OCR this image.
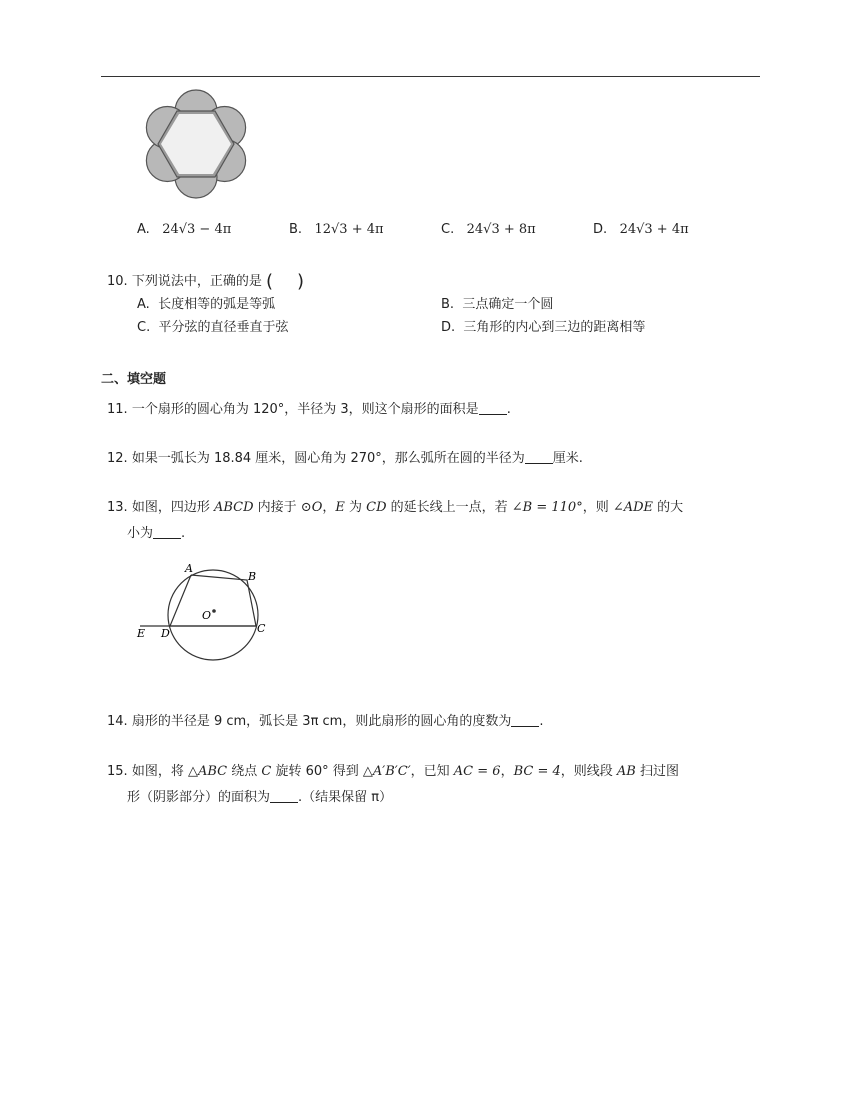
A. 24√3 − 4π	B. 12√3 + 4π	C. 24√3 + 8π	D. 24√3 + 4π
10. 下列说法中，正确的是 ( )
A. 长度相等的弧是等弧	B. 三点确定一个圆
C. 平分弦的直径垂直于弦	D. 三角形的内心到三边的距离相等
二、填空题
11. 一个扇形的圆心角为 120°，半径为 3，则这个扇形的面积是 .
12. 如果一弧长为 18.84 厘米，圆心角为 270°，那么弧所在圆的半径为 厘米.
13. 如图，四边形 ABCD 内接于 ⊙O，E 为 CD 的延长线上一点，若 ∠B = 110°，则 ∠ADE 的大
小为 .
A
B
C
D
E
O
14. 扇形的半径是 9 cm，弧长是 3π cm，则此扇形的圆心角的度数为 .
15. 如图，将 △ABC 绕点 C 旋转 60° 得到 △A′B′C′，已知 AC = 6，BC = 4，则线段 AB 扫过图
形（阴影部分）的面积为 .（结果保留 π）
